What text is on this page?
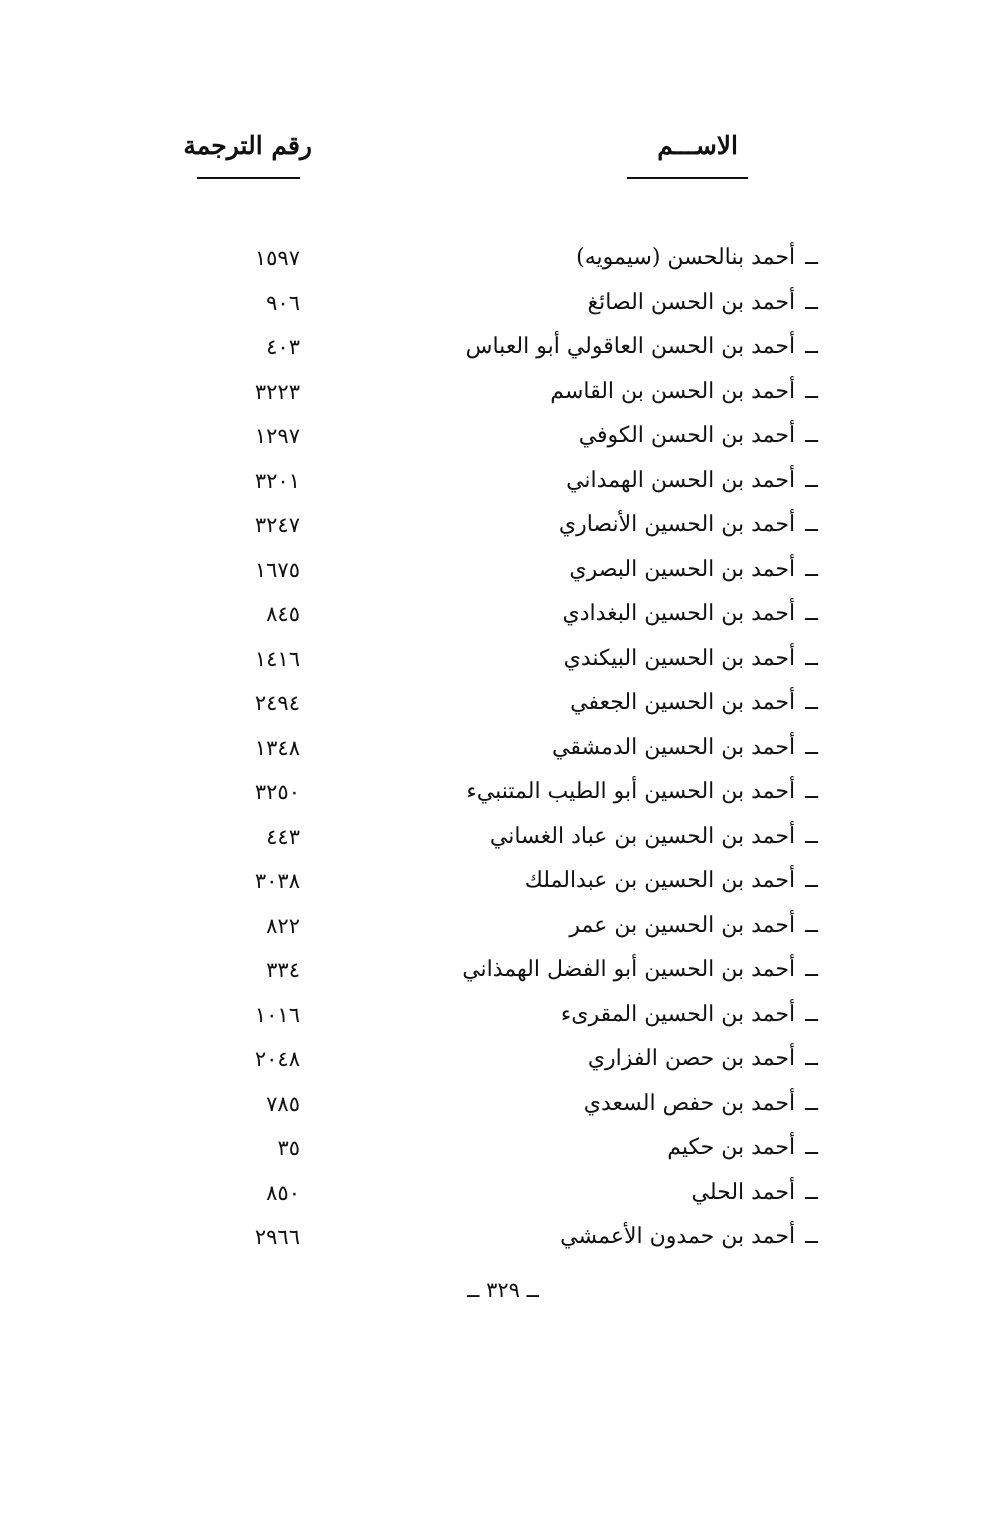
الاســـم
رقم الترجمة
ــأحمد بنالحسن (سيمويه)
١٥٩٧
ــأحمد بن الحسن الصائغ
٩٠٦
ــأحمد بن الحسن العاقولي أبو العباس
٤٠٣
ــأحمد بن الحسن بن القاسم
٣٢٢٣
ــأحمد بن الحسن الكوفي
١٢٩٧
ــأحمد بن الحسن الهمداني
٣٢٠١
ــأحمد بن الحسين الأنصاري
٣٢٤٧
ــأحمد بن الحسين البصري
١٦٧٥
ــأحمد بن الحسين البغدادي
٨٤٥
ــأحمد بن الحسين البيكندي
١٤١٦
ــأحمد بن الحسين الجعفي
٢٤٩٤
ــأحمد بن الحسين الدمشقي
١٣٤٨
ــأحمد بن الحسين أبو الطيب المتنبيء
٣٢٥٠
ــأحمد بن الحسين بن عباد الغساني
٤٤٣
ــأحمد بن الحسين بن عبدالملك
٣٠٣٨
ــأحمد بن الحسين بن عمر
٨٢٢
ــأحمد بن الحسين أبو الفضل الهمذاني
٣٣٤
ــأحمد بن الحسين المقرىء
١٠١٦
ــأحمد بن حصن الفزاري
٢٠٤٨
ــأحمد بن حفص السعدي
٧٨٥
ــأحمد بن حكيم
٣٥
ــأحمد الحلي
٨٥٠
ــأحمد بن حمدون الأعمشي
٢٩٦٦
ــ ٣٢٩ ــ
